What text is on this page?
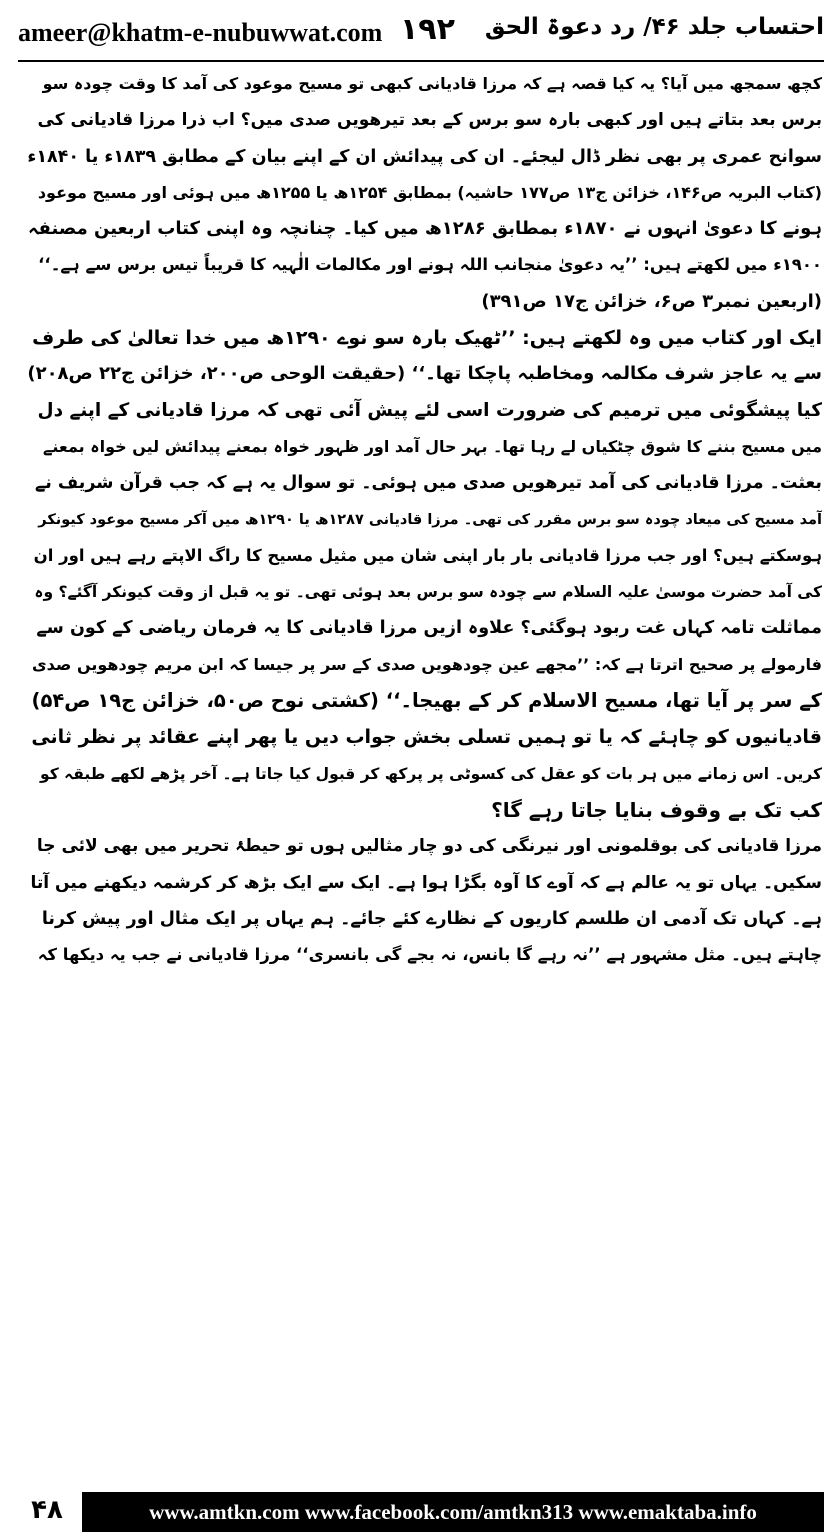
ameer@khatm-e-nubuwwat.com ۱۹۲ احتساب جلد ۴۶/ رد دعوۃ الحق
کچھ سمجھ میں آیا؟ یہ کیا قصہ ہے کہ مرزا قادیانی کبھی تو مسیح موعود کی آمد کا وقت چودہ سو
برس بعد بتاتے ہیں اور کبھی بارہ سو برس کے بعد تیرھویں صدی میں؟ اب ذرا مرزا قادیانی کی
سوانح عمری پر بھی نظر ڈال لیجئے۔ ان کی پیدائش ان کے اپنے بیان کے مطابق ۱۸۳۹ء یا ۱۸۴۰ء
(کتاب البریہ ص۱۴۶، خزائن ج۱۳ ص۱۷۷ حاشیہ) بمطابق ۱۲۵۴ھ یا ۱۲۵۵ھ میں ہوئی اور مسیح موعود
ہونے کا دعویٰ انہوں نے ۱۸۷۰ء بمطابق ۱۲۸۶ھ میں کیا۔ چنانچہ وہ اپنی کتاب اربعین مصنفہ
۱۹۰۰ء میں لکھتے ہیں: ’’یہ دعویٰ منجانب اللہ ہونے اور مکالمات الٰہیہ کا قریباً تیس برس سے ہے۔‘‘
(اربعین نمبر۳ ص۶، خزائن ج۱۷ ص۳۹۱)
ایک اور کتاب میں وہ لکھتے ہیں: ’’ٹھیک بارہ سو نوے ۱۲۹۰ھ میں خدا تعالیٰ کی طرف
سے یہ عاجز شرف مکالمہ ومخاطبہ پاچکا تھا۔‘‘ (حقیقت الوحی ص۲۰۰، خزائن ج۲۲ ص۲۰۸)
کیا پیشگوئی میں ترمیم کی ضرورت اسی لئے پیش آئی تھی کہ مرزا قادیانی کے اپنے دل
میں مسیح بننے کا شوق چٹکیاں لے رہا تھا۔ بہر حال آمد اور ظہور خواہ بمعنے پیدائش لیں خواہ بمعنے
بعثت۔ مرزا قادیانی کی آمد تیرھویں صدی میں ہوئی۔ تو سوال یہ ہے کہ جب قرآن شریف نے
آمد مسیح کی میعاد چودہ سو برس مقرر کی تھی۔ مرزا قادیانی ۱۲۸۷ھ یا ۱۲۹۰ھ میں آکر مسیح موعود کیونکر
ہوسکتے ہیں؟ اور جب مرزا قادیانی بار بار اپنی شان میں مثیل مسیح کا راگ الاپتے رہے ہیں اور ان
کی آمد حضرت موسیٰ علیہ السلام سے چودہ سو برس بعد ہوئی تھی۔ تو یہ قبل از وقت کیونکر آگئے؟ وہ
مماثلت تامہ کہاں غت ربود ہوگئی؟ علاوہ ازیں مرزا قادیانی کا یہ فرمان ریاضی کے کون سے
فارمولے پر صحیح اترتا ہے کہ: ’’مجھے عین چودھویں صدی کے سر پر جیسا کہ ابن مریم چودھویں صدی
کے سر پر آیا تھا، مسیح الاسلام کر کے بھیجا۔‘‘ (کشتی نوح ص۵۰، خزائن ج۱۹ ص۵۴)
قادیانیوں کو چاہئے کہ یا تو ہمیں تسلی بخش جواب دیں یا پھر اپنے عقائد پر نظر ثانی
کریں۔ اس زمانے میں ہر بات کو عقل کی کسوٹی پر پرکھ کر قبول کیا جاتا ہے۔ آخر پڑھے لکھے طبقہ کو
کب تک بے وقوف بنایا جاتا رہے گا؟
مرزا قادیانی کی بوقلمونی اور نیرنگی کی دو چار مثالیں ہوں تو حیطۂ تحریر میں بھی لائی جا
سکیں۔ یہاں تو یہ عالم ہے کہ آوے کا آوہ بگڑا ہوا ہے۔ ایک سے ایک بڑھ کر کرشمہ دیکھنے میں آتا
ہے۔ کہاں تک آدمی ان طلسم کاریوں کے نظارے کئے جائے۔ ہم یہاں پر ایک مثال اور پیش کرنا
چاہتے ہیں۔ مثل مشہور ہے ’’نہ رہے گا بانس، نہ بجے گی بانسری‘‘ مرزا قادیانی نے جب یہ دیکھا کہ
۴۸	www.amtkn.com www.facebook.com/amtkn313 www.emaktaba.info
